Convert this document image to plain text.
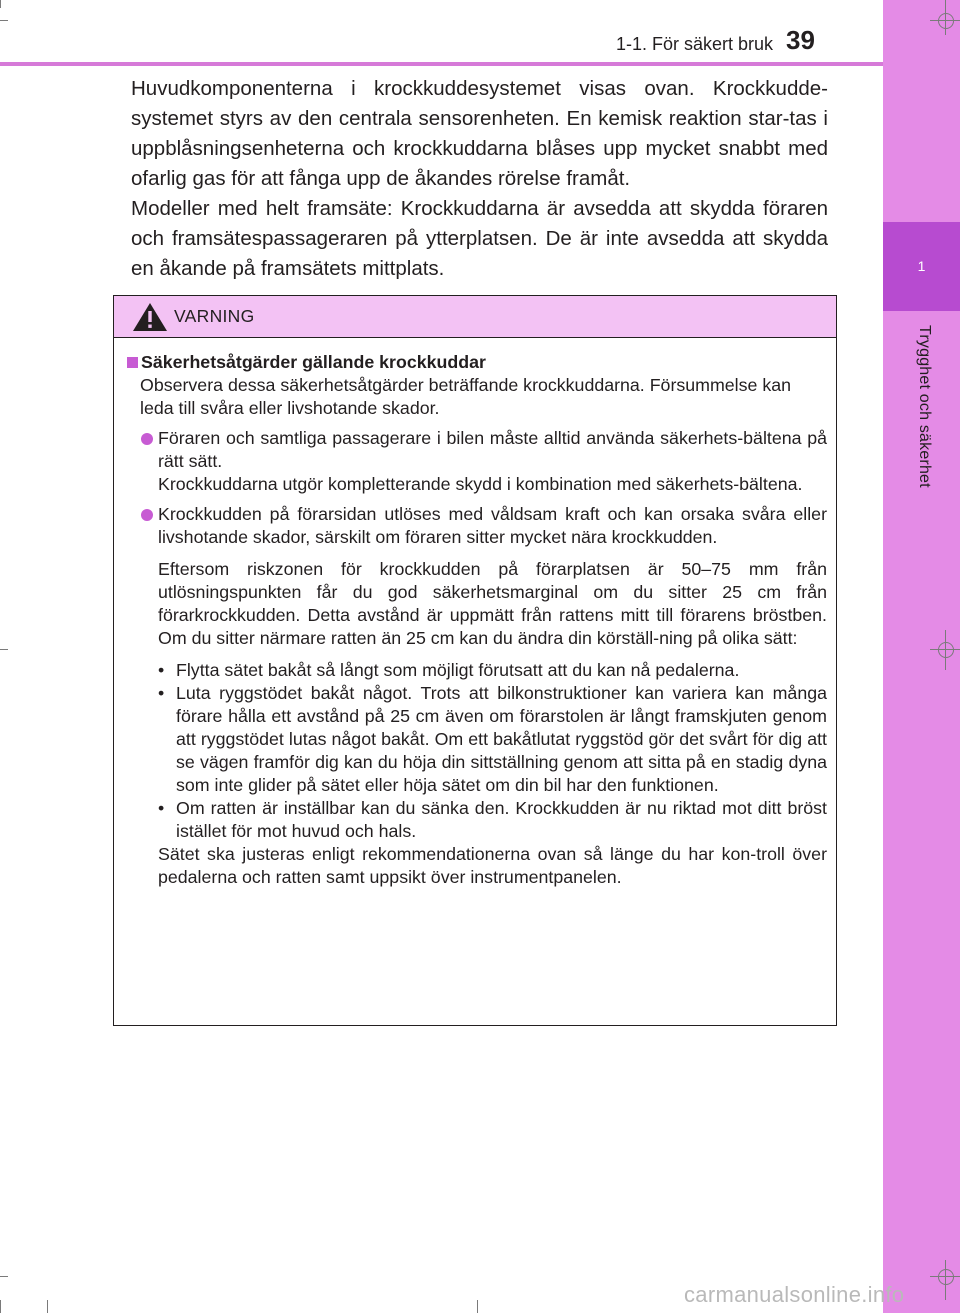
1
Trygghet och säkerhet
1-1. För säkert bruk 39
Huvudkomponenterna i krockkuddesystemet visas ovan. Krockkudde-systemet styrs av den centrala sensorenheten. En kemisk reaktion star-tas i uppblåsningsenheterna och krockkuddarna blåses upp mycket snabbt med ofarlig gas för att fånga upp de åkandes rörelse framåt.
Modeller med helt framsäte: Krockkuddarna är avsedda att skydda föraren och framsätespassageraren på ytterplatsen. De är inte avsedda att skydda en åkande på framsätets mittplats.
VARNING
Säkerhetsåtgärder gällande krockkuddar
Observera dessa säkerhetsåtgärder beträffande krockkuddarna. Försummelse kan leda till svåra eller livshotande skador.
Föraren och samtliga passagerare i bilen måste alltid använda säkerhets-bältena på rätt sätt.
Krockkuddarna utgör kompletterande skydd i kombination med säkerhets-bältena.
Krockkudden på förarsidan utlöses med våldsam kraft och kan orsaka svåra eller livshotande skador, särskilt om föraren sitter mycket nära krockkudden.
Eftersom riskzonen för krockkudden på förarplatsen är 50–75 mm från utlösningspunkten får du god säkerhetsmarginal om du sitter 25 cm från förarkrockkudden. Detta avstånd är uppmätt från rattens mitt till förarens bröstben. Om du sitter närmare ratten än 25 cm kan du ändra din körställ-ning på olika sätt:
• Flytta sätet bakåt så långt som möjligt förutsatt att du kan nå pedalerna.
• Luta ryggstödet bakåt något. Trots att bilkonstruktioner kan variera kan många förare hålla ett avstånd på 25 cm även om förarstolen är långt framskjuten genom att ryggstödet lutas något bakåt. Om ett bakåtlutat ryggstöd gör det svårt för dig att se vägen framför dig kan du höja din sittställning genom att sitta på en stadig dyna som inte glider på sätet eller höja sätet om din bil har den funktionen.
• Om ratten är inställbar kan du sänka den. Krockkudden är nu riktad mot ditt bröst istället för mot huvud och hals.
Sätet ska justeras enligt rekommendationerna ovan så länge du har kon-troll över pedalerna och ratten samt uppsikt över instrumentpanelen.
carmanualsonline.info
